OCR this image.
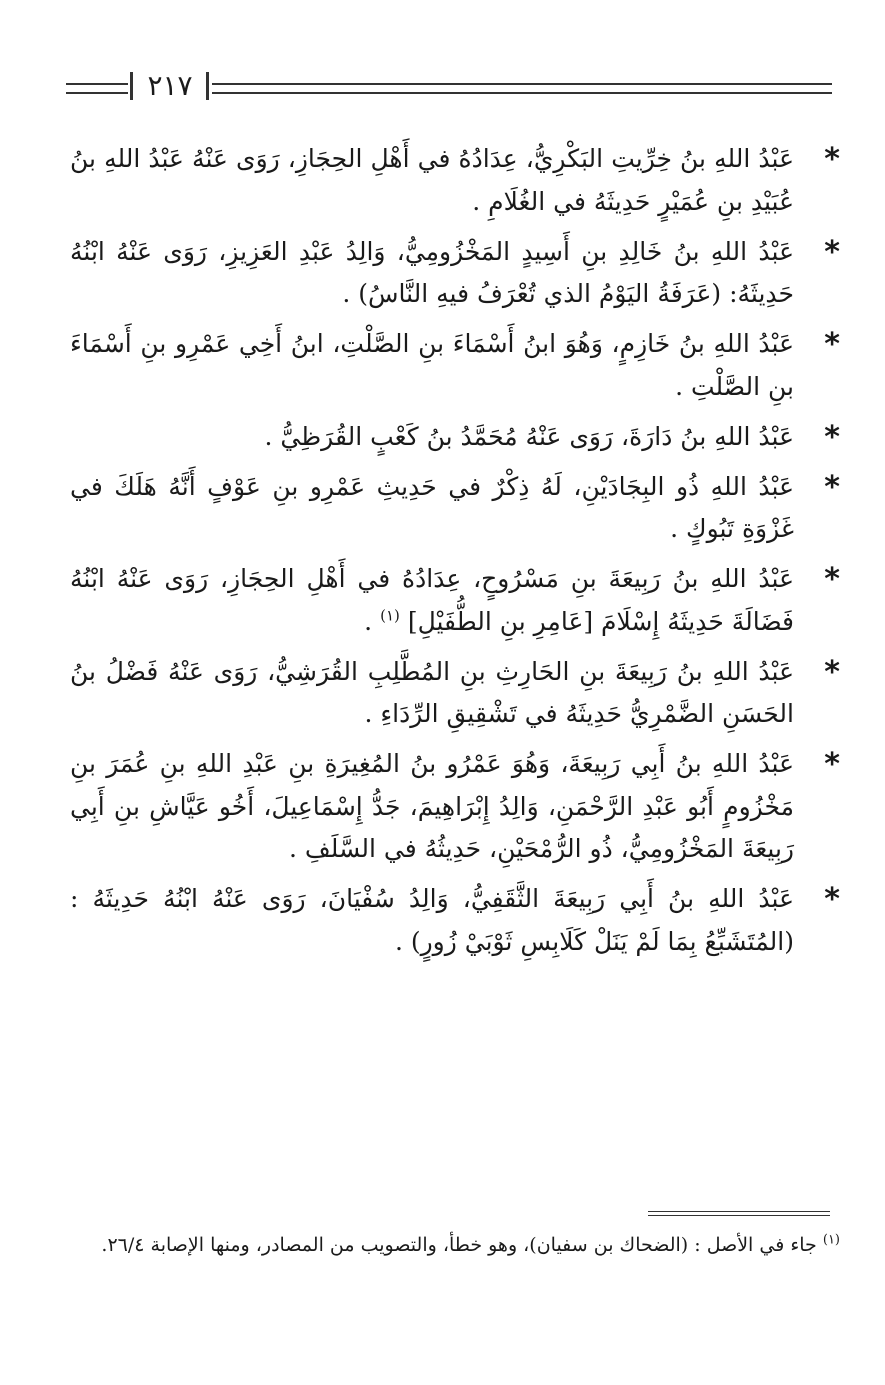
٢١٧
*
عَبْدُ اللهِ بنُ خِرِّيتِ البَكْرِيُّ، عِدَادُهُ في أَهْلِ الحِجَازِ، رَوَى عَنْهُ عَبْدُ اللهِ بنُ عُبَيْدِ بنِ عُمَيْرٍ حَدِيثَهُ في الغُلَامِ .
*
عَبْدُ اللهِ بنُ خَالِدِ بنِ أَسِيدٍ المَخْزُومِيُّ، وَالِدُ عَبْدِ العَزِيزِ، رَوَى عَنْهُ ابْنُهُ حَدِيثَهُ: (عَرَفَةُ اليَوْمُ الذي تُعْرَفُ فيهِ النَّاسُ) .
*
عَبْدُ اللهِ بنُ خَازِمٍ، وَهُوَ ابنُ أَسْمَاءَ بنِ الصَّلْتِ، ابنُ أَخِي عَمْرِو بنِ أَسْمَاءَ بنِ الصَّلْتِ .
*
عَبْدُ اللهِ بنُ دَارَةَ، رَوَى عَنْهُ مُحَمَّدُ بنُ كَعْبٍ القُرَظِيُّ .
*
عَبْدُ اللهِ ذُو البِجَادَيْنِ، لَهُ ذِكْرٌ في حَدِيثِ عَمْرِو بنِ عَوْفٍ أَنَّهُ هَلَكَ في غَزْوَةِ تَبُوكٍ .
*
عَبْدُ اللهِ بنُ رَبِيعَةَ بنِ مَسْرُوحٍ، عِدَادُهُ في أَهْلِ الحِجَازِ، رَوَى عَنْهُ ابْنُهُ فَضَالَةَ حَدِيثَهُ إِسْلَامَ [عَامِرِ بنِ الطُّفَيْلِ] $^{(١)}$ .
*
عَبْدُ اللهِ بنُ رَبِيعَةَ بنِ الحَارِثِ بنِ المُطَّلِبِ القُرَشِيُّ، رَوَى عَنْهُ فَضْلُ بنُ الحَسَنِ الضَّمْرِيُّ حَدِيثَهُ في تَشْقِيقِ الرِّدَاءِ .
*
عَبْدُ اللهِ بنُ أَبِي رَبِيعَةَ، وَهُوَ عَمْرُو بنُ المُغِيرَةِ بنِ عَبْدِ اللهِ بنِ عُمَرَ بنِ مَخْزُومٍ أَبُو عَبْدِ الرَّحْمَنِ، وَالِدُ إِبْرَاهِيمَ، جَدُّ إِسْمَاعِيلَ، أَخُو عَيَّاشِ بنِ أَبِي رَبِيعَةَ المَخْزُومِيُّ، ذُو الرُّمْحَيْنِ، حَدِيثُهُ في السَّلَفِ .
*
عَبْدُ اللهِ بنُ أَبِي رَبِيعَةَ الثَّقَفِيُّ، وَالِدُ سُفْيَانَ، رَوَى عَنْهُ ابْنُهُ حَدِيثَهُ : (المُتَشَبِّعُ بِمَا لَمْ يَنَلْ كَلَابِسِ ثَوْبَيْ زُورٍ) .
$^{(١)}$ جاء في الأصل : (الضحاك بن سفيان)، وهو خطأ، والتصويب من المصادر، ومنها الإصابة ٢٦/٤.
